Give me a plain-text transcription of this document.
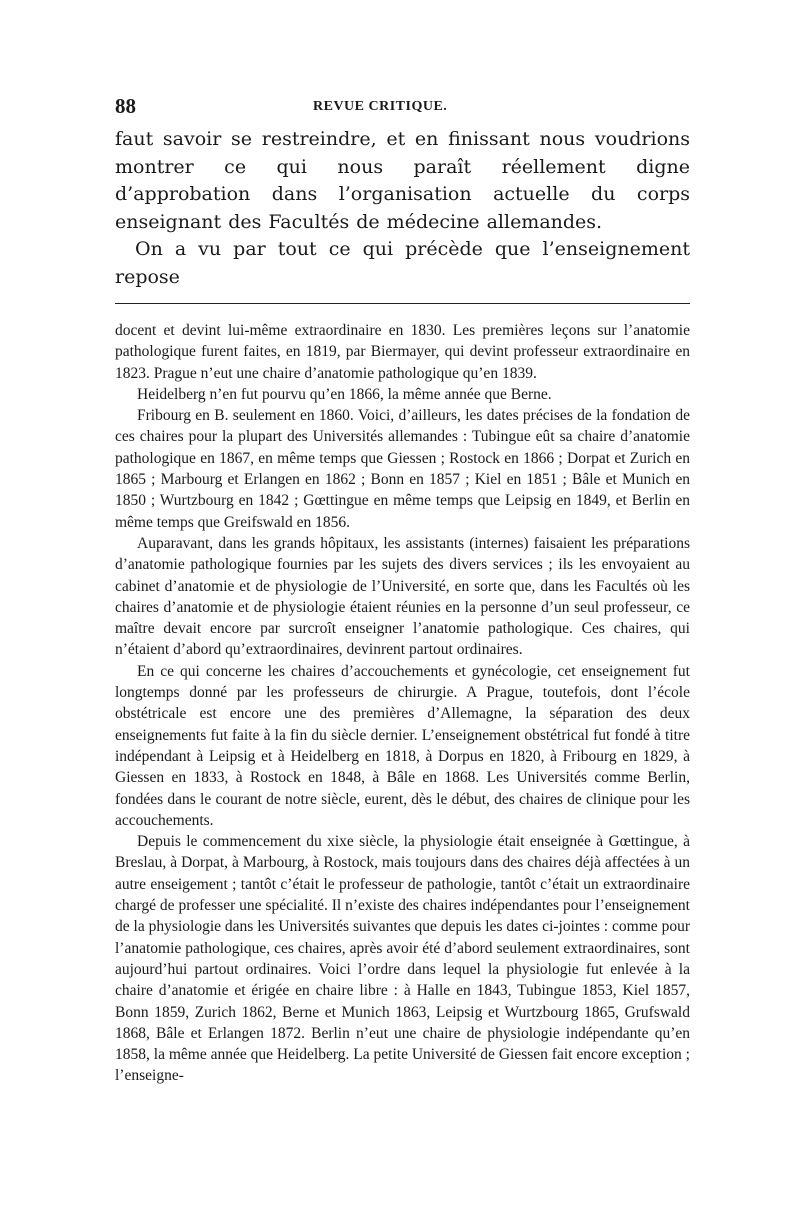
88	REVUE CRITIQUE.

faut savoir se restreindre, et en finissant nous voudrions montrer ce qui nous paraît réellement digne d’approbation dans l’organisation actuelle du corps enseignant des Facultés de médecine allemandes.

On a vu par tout ce qui précède que l’enseignement repose

docent et devint lui-même extraordinaire en 1830. Les premières leçons sur l’anatomie pathologique furent faites, en 1819, par Biermayer, qui devint professeur extraordinaire en 1823. Prague n’eut une chaire d’anatomie pathologique qu’en 1839.

Heidelberg n’en fut pourvu qu’en 1866, la même année que Berne.

Fribourg en B. seulement en 1860. Voici, d’ailleurs, les dates précises de la fondation de ces chaires pour la plupart des Universités allemandes : Tubingue eût sa chaire d’anatomie pathologique en 1867, en même temps que Giessen ; Rostock en 1866 ; Dorpat et Zurich en 1865 ; Marbourg et Erlangen en 1862 ; Bonn en 1857 ; Kiel en 1851 ; Bâle et Munich en 1850 ; Wurtzbourg en 1842 ; Gœttingue en même temps que Leipsig en 1849, et Berlin en même temps que Greifswald en 1856.

Auparavant, dans les grands hôpitaux, les assistants (internes) faisaient les préparations d’anatomie pathologique fournies par les sujets des divers services ; ils les envoyaient au cabinet d’anatomie et de physiologie de l’Université, en sorte que, dans les Facultés où les chaires d’anatomie et de physiologie étaient réunies en la personne d’un seul professeur, ce maître devait encore par surcroît enseigner l’anatomie pathologique. Ces chaires, qui n’étaient d’abord qu’extraordinaires, devinrent partout ordinaires.

En ce qui concerne les chaires d’accouchements et gynécologie, cet enseignement fut longtemps donné par les professeurs de chirurgie. A Prague, toutefois, dont l’école obstétricale est encore une des premières d’Allemagne, la séparation des deux enseignements fut faite à la fin du siècle dernier. L’enseignement obstétrical fut fondé à titre indépendant à Leipsig et à Heidelberg en 1818, à Dorpus en 1820, à Fribourg en 1829, à Giessen en 1833, à Rostock en 1848, à Bâle en 1868. Les Universités comme Berlin, fondées dans le courant de notre siècle, eurent, dès le début, des chaires de clinique pour les accouchements.

Depuis le commencement du xixe siècle, la physiologie était enseignée à Gœttingue, à Breslau, à Dorpat, à Marbourg, à Rostock, mais toujours dans des chaires déjà affectées à un autre enseigement ; tantôt c’était le professeur de pathologie, tantôt c’était un extraordinaire chargé de professer une spécialité. Il n’existe des chaires indépendantes pour l’enseignement de la physiologie dans les Universités suivantes que depuis les dates ci-jointes : comme pour l’anatomie pathologique, ces chaires, après avoir été d’abord seulement extraordinaires, sont aujourd’hui partout ordinaires. Voici l’ordre dans lequel la physiologie fut enlevée à la chaire d’anatomie et érigée en chaire libre : à Halle en 1843, Tubingue 1853, Kiel 1857, Bonn 1859, Zurich 1862, Berne et Munich 1863, Leipsig et Wurtzbourg 1865, Grufswald 1868, Bâle et Erlangen 1872. Berlin n’eut une chaire de physiologie indépendante qu’en 1858, la même année que Heidelberg. La petite Université de Giessen fait encore exception ; l’enseigne-
